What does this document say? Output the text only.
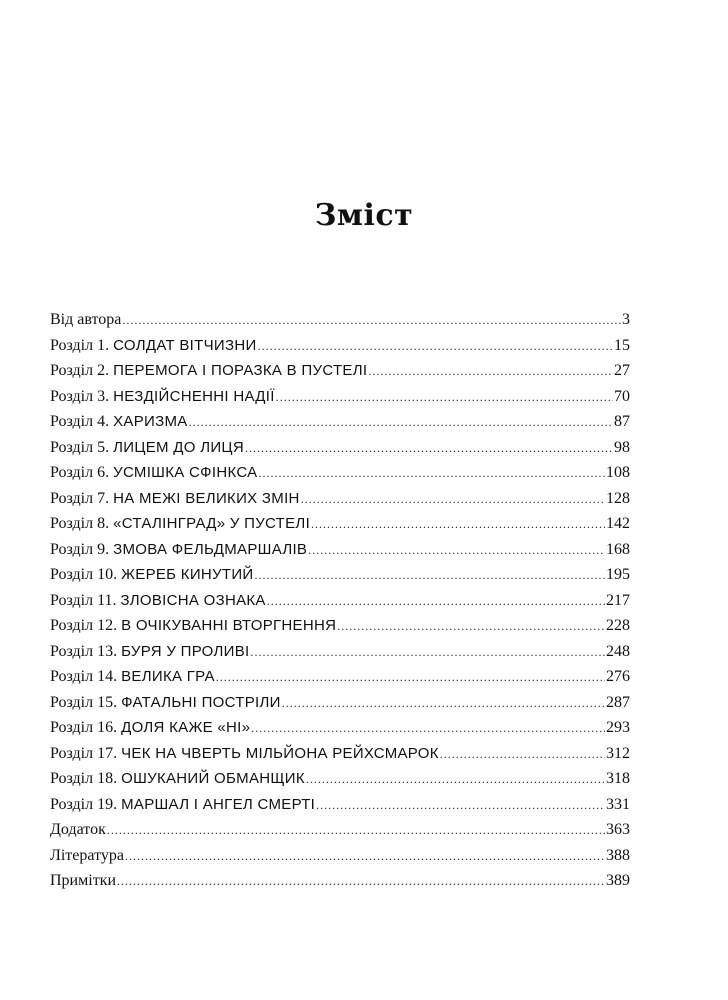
Зміст
Від автора .....	3
Розділ 1. СОЛДАТ ВІТЧИЗНИ .....	15
Розділ 2. ПЕРЕМОГА І ПОРАЗКА В ПУСТЕЛІ .....	27
Розділ 3. НЕЗДІЙСНЕННІ НАДІЇ .....	70
Розділ 4. ХАРИЗМА .....	87
Розділ 5. ЛИЦЕМ ДО ЛИЦЯ .....	98
Розділ 6. УСМІШКА СФІНКСА .....	108
Розділ 7. НА МЕЖІ ВЕЛИКИХ ЗМІН .....	128
Розділ 8. «СТАЛІНГРАД» У ПУСТЕЛІ .....	142
Розділ 9. ЗМОВА ФЕЛЬДМАРШАЛІВ .....	168
Розділ 10. ЖЕРЕБ КИНУТИЙ .....	195
Розділ 11. ЗЛОВІСНА ОЗНАКА .....	217
Розділ 12. В ОЧІКУВАННІ ВТОРГНЕННЯ .....	228
Розділ 13. БУРЯ У ПРОЛИВІ .....	248
Розділ 14. ВЕЛИКА ГРА .....	276
Розділ 15. ФАТАЛЬНІ ПОСТРІЛИ .....	287
Розділ 16. ДОЛЯ КАЖЕ «НІ» .....	293
Розділ 17. ЧЕК НА ЧВЕРТЬ МІЛЬЙОНА РЕЙХСМАРОК .....	312
Розділ 18. ОШУКАНИЙ ОБМАНЩИК .....	318
Розділ 19. МАРШАЛ І АНГЕЛ СМЕРТІ .....	331
Додаток .....	363
Література .....	388
Примітки .....	389
